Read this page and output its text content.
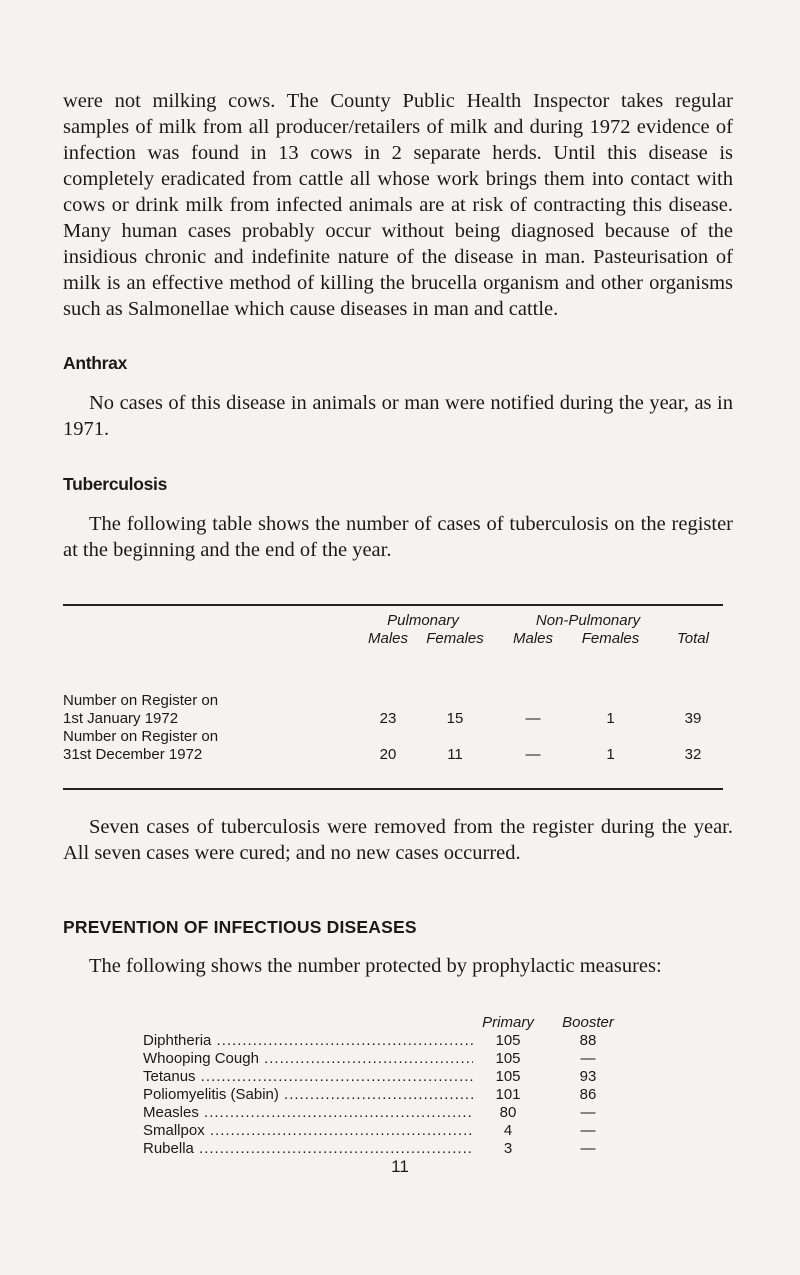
were not milking cows. The County Public Health Inspector takes regular samples of milk from all producer/retailers of milk and during 1972 evidence of infection was found in 13 cows in 2 separate herds. Until this disease is completely eradicated from cattle all whose work brings them into contact with cows or drink milk from infected animals are at risk of contracting this disease. Many human cases probably occur without being diagnosed because of the insidious chronic and indefinite nature of the disease in man. Pasteurisation of milk is an effective method of killing the brucella organism and other organisms such as Salmonellae which cause diseases in man and cattle.

Anthrax

No cases of this disease in animals or man were notified during the year, as in 1971.

Tuberculosis

The following table shows the number of cases of tuberculosis on the register at the beginning and the end of the year.

Pulmonary	Non-Pulmonary
Males	Females	Males	Females	Total
Number on Register on
1st January 1972	23	15	—	1	39
Number on Register on
31st December 1972	20	11	—	1	32

Seven cases of tuberculosis were removed from the register during the year. All seven cases were cured; and no new cases occurred.

PREVENTION OF INFECTIOUS DISEASES

The following shows the number protected by prophylactic measures:

Primary	Booster
Diphtheria .....	105	88
Whooping Cough .....	105	—
Tetanus .....	105	93
Poliomyelitis (Sabin) .....	101	86
Measles .....	80	—
Smallpox .....	4	—
Rubella .....	3	—
11
